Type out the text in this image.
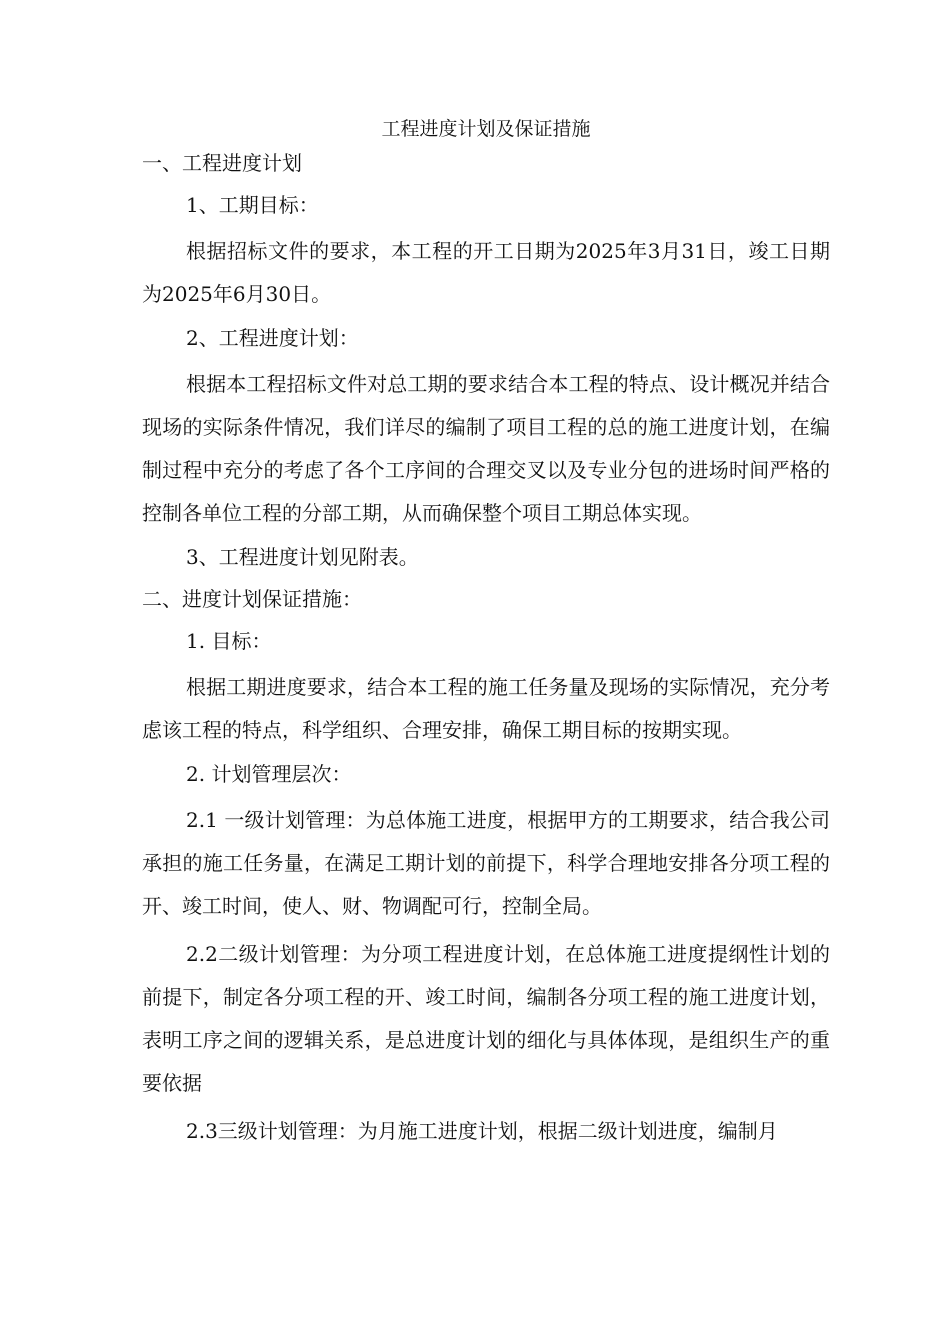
工程进度计划及保证措施
一、工程进度计划
1、工期目标：

根据招标文件的要求，本工程的开工日期为2025年3月31日，竣工日期为2025年6月30日。

2、工程进度计划：

根据本工程招标文件对总工期的要求结合本工程的特点、设计概况并结合现场的实际条件情况，我们详尽的编制了项目工程的总的施工进度计划，在编制过程中充分的考虑了各个工序间的合理交叉以及专业分包的进场时间严格的控制各单位工程的分部工期，从而确保整个项目工期总体实现。

3、工程进度计划见附表。
二、进度计划保证措施：
1. 目标：

根据工期进度要求，结合本工程的施工任务量及现场的实际情况，充分考虑该工程的特点，科学组织、合理安排，确保工期目标的按期实现。

2. 计划管理层次：

2.1 一级计划管理：为总体施工进度，根据甲方的工期要求，结合我公司承担的施工任务量，在满足工期计划的前提下，科学合理地安排各分项工程的开、竣工时间，使人、财、物调配可行，控制全局。

2.2二级计划管理：为分项工程进度计划，在总体施工进度提纲性计划的前提下，制定各分项工程的开、竣工时间，编制各分项工程的施工进度计划，表明工序之间的逻辑关系，是总进度计划的细化与具体体现，是组织生产的重要依据

2.3三级计划管理：为月施工进度计划，根据二级计划进度，编制月
